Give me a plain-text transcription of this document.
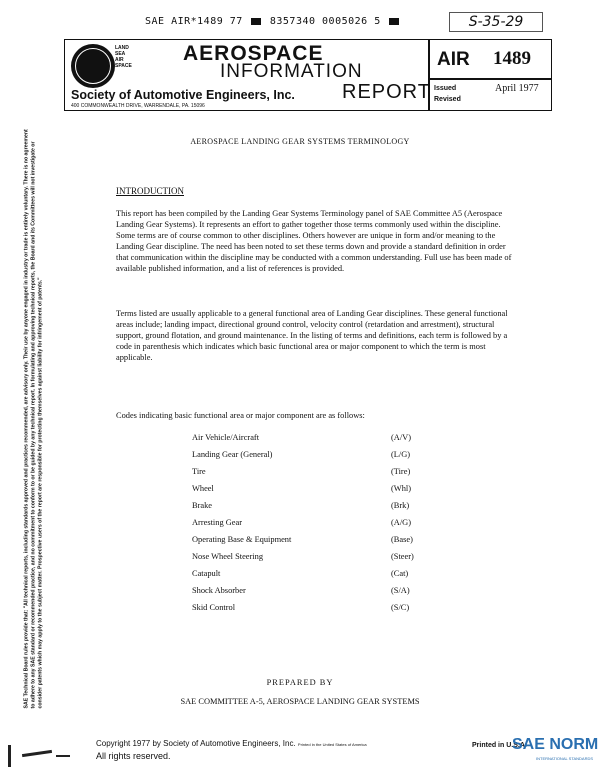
SAE AIR*1489 77	8357340 0005026 5	S-35-29
LAND
SEA
AIR
SPACE
AEROSPACE
INFORMATION
REPORT
Society of Automotive Engineers, Inc.
400 COMMONWEALTH DRIVE, WARRENDALE, PA. 15096
AIR 1489
Issued
Revised
April 1977
AEROSPACE LANDING GEAR SYSTEMS TERMINOLOGY
SAE Technical Board rules provide that: "All technical reports, including standards approved and practices recommended, are advisory only. Their use by anyone engaged in industry or trade is entirely voluntary. There is no agreement to adhere to any SAE standard or recommended practice, and no commitment to conform to or be guided by any technical report. In formulating and approving technical reports, the Board and its Committees will not investigate or consider patents which may apply to the subject matter. Prospective users of the report are responsible for protecting themselves against liability for infringement of patents."
INTRODUCTION
This report has been compiled by the Landing Gear Systems Terminology panel of SAE Committee A5 (Aerospace Landing Gear Systems). It represents an effort to gather together those terms commonly used within the discipline. Some terms are of course common to other disciplines. Others however are unique in form and/or meaning to the Landing Gear discipline. The need has been noted to set these terms down and provide a standard definition in order that communication within the discipline may be conducted with a common understanding. Full use has been made of available published information, and a list of references is provided.
Terms listed are usually applicable to a general functional area of Landing Gear disciplines. These general functional areas include; landing impact, directional ground control, velocity control (retardation and arrestment), structural support, ground flotation, and ground maintenance. In the listing of terms and definitions, each term is followed by a code in parenthesis which indicates which basic functional area or major component to which the term is most applicable.
Codes indicating basic functional area or major component are as follows:
Air Vehicle/Aircraft	(A/V)
Landing Gear (General)	(L/G)
Tire	(Tire)
Wheel	(Whl)
Brake	(Brk)
Arresting Gear	(A/G)
Operating Base & Equipment	(Base)
Nose Wheel Steering	(Steer)
Catapult	(Cat)
Shock Absorber	(S/A)
Skid Control	(S/C)
PREPARED BY
SAE COMMITTEE A-5, AEROSPACE LANDING GEAR SYSTEMS
Copyright 1977 by Society of Automotive Engineers, Inc. Printed in the United States of America
All rights reserved.
Printed in U.S.A.
SAE NORM
INTERNATIONAL STANDARDS
